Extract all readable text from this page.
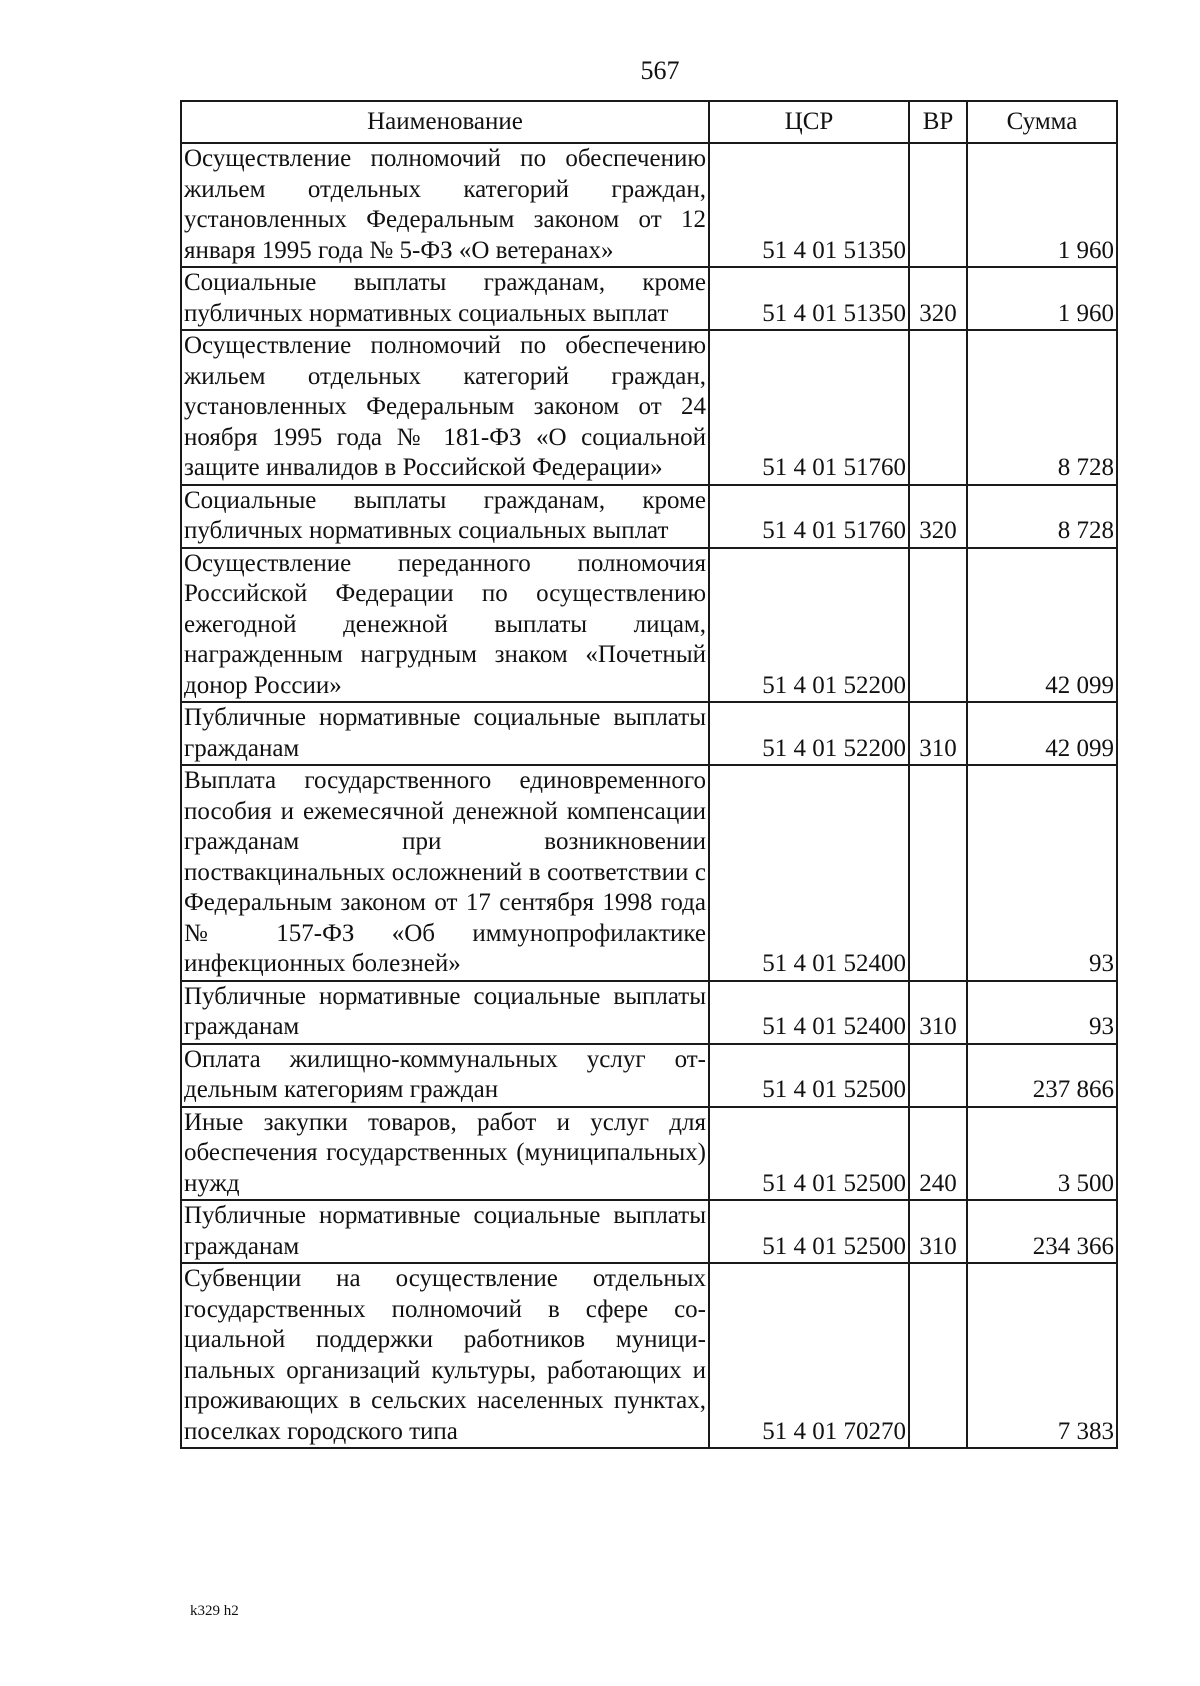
567
Наименование	ЦСР	ВР	Сумма
Осуществление полномочий по обеспечению жильем отдельных категорий граждан, установленных Федеральным законом от 12 января 1995 года № 5-ФЗ «О ветеранах»	51 4 01 51350		1 960
Социальные выплаты гражданам, кроме публичных нормативных социальных выплат	51 4 01 51350	320	1 960
Осуществление полномочий по обеспечению жильем отдельных категорий граждан, установленных Федеральным законом от 24 ноября 1995 года № 181-ФЗ «О социальной защите инвалидов в Российской Федерации»	51 4 01 51760		8 728
Социальные выплаты гражданам, кроме публичных нормативных социальных выплат	51 4 01 51760	320	8 728
Осуществление переданного полномочия Российской Федерации по осуществлению ежегодной денежной выплаты лицам, награжденным нагрудным знаком «Почетный донор России»	51 4 01 52200		42 099
Публичные нормативные социальные выплаты гражданам	51 4 01 52200	310	42 099
Выплата государственного единовременного пособия и ежемесячной денежной компенсации гражданам при возникновении поствакцинальных осложнений в соответствии с Федеральным законом от 17 сентября 1998 года № 157-ФЗ «Об иммунопрофилактике инфекционных болезней»	51 4 01 52400		93
Публичные нормативные социальные выплаты гражданам	51 4 01 52400	310	93
Оплата жилищно-коммунальных услуг отдельным категориям граждан	51 4 01 52500		237 866
Иные закупки товаров, работ и услуг для обеспечения государственных (муниципальных) нужд	51 4 01 52500	240	3 500
Публичные нормативные социальные выплаты гражданам	51 4 01 52500	310	234 366
Субвенции на осуществление отдельных государственных полномочий в сфере социальной поддержки работников муниципальных организаций культуры, работающих и проживающих в сельских населенных пунктах, поселках городского типа	51 4 01 70270		7 383
k329 h2
